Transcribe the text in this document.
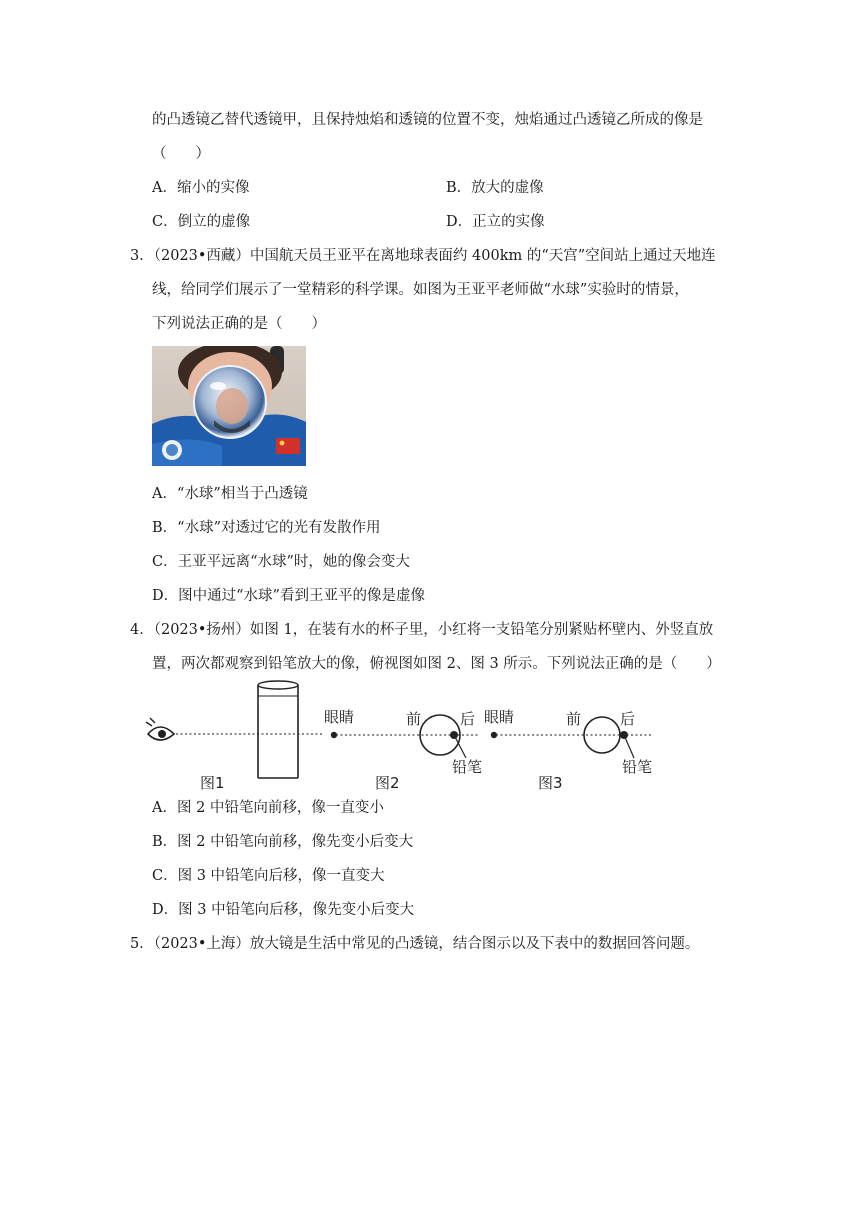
的凸透镜乙替代透镜甲，且保持烛焰和透镜的位置不变，烛焰通过凸透镜乙所成的像是
（　　）
A．缩小的实像	B．放大的虚像
C．倒立的虚像	D．正立的实像
3．（2023•西藏）中国航天员王亚平在离地球表面约 400km 的“天宫”空间站上通过天地连
线，给同学们展示了一堂精彩的科学课。如图为王亚平老师做“水球”实验时的情景，
下列说法正确的是（　　）
A．“水球”相当于凸透镜
B．“水球”对透过它的光有发散作用
C．王亚平远离“水球”时，她的像会变大
D．图中通过“水球”看到王亚平的像是虚像
4．（2023•扬州）如图 1，在装有水的杯子里，小红将一支铅笔分别紧贴杯壁内、外竖直放
置，两次都观察到铅笔放大的像，俯视图如图 2、图 3 所示。下列说法正确的是（　　）
图1
眼睛	前	后
铅笔
图2
眼睛	前	后
铅笔
图3
A．图 2 中铅笔向前移，像一直变小
B．图 2 中铅笔向前移，像先变小后变大
C．图 3 中铅笔向后移，像一直变大
D．图 3 中铅笔向后移，像先变小后变大
5．（2023•上海）放大镜是生活中常见的凸透镜，结合图示以及下表中的数据回答问题。
